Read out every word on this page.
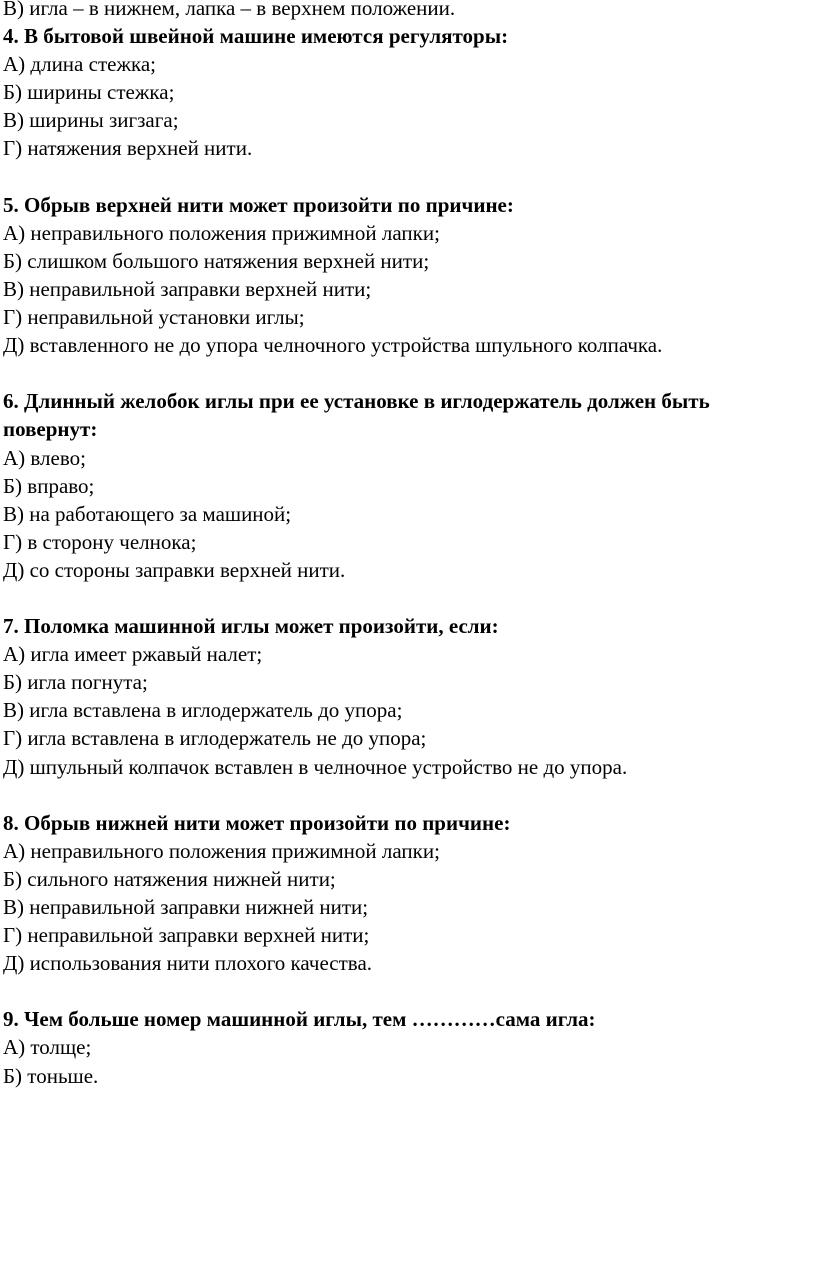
В) игла – в нижнем, лапка – в верхнем положении.
4. В бытовой швейной машине имеются регуляторы:
А) длина стежка;
Б) ширины стежка;
В) ширины зигзага;
Г) натяжения верхней нити.
5. Обрыв верхней нити может произойти по причине:
А) неправильного положения прижимной лапки;
Б) слишком большого натяжения верхней нити;
В) неправильной заправки верхней нити;
Г) неправильной установки иглы;
Д) вставленного не до упора челночного устройства шпульного колпачка.
6. Длинный желобок иглы при ее установке в иглодержатель должен быть повернут:
А) влево;
Б) вправо;
В) на работающего за машиной;
Г) в сторону челнока;
Д) со стороны заправки верхней нити.
7. Поломка машинной иглы может произойти, если:
А) игла имеет ржавый налет;
Б) игла погнута;
В) игла вставлена в иглодержатель до упора;
Г) игла вставлена в иглодержатель не до упора;
Д) шпульный колпачок вставлен в челночное устройство не до упора.
8. Обрыв нижней нити может произойти по причине:
А) неправильного положения прижимной лапки;
Б) сильного натяжения нижней нити;
В) неправильной заправки нижней нити;
Г) неправильной заправки верхней нити;
Д) использования нити плохого качества.
9. Чем больше номер машинной иглы, тем …………сама игла:
А) толще;
Б) тоньше.
